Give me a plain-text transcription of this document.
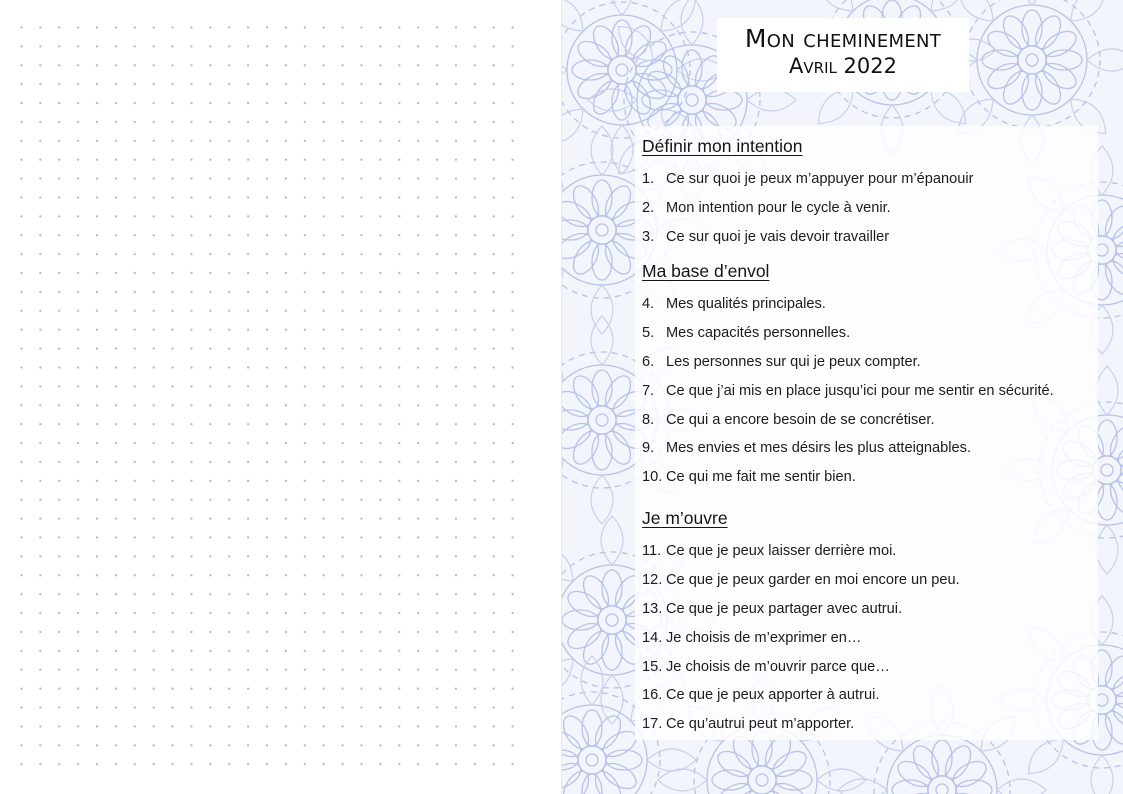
Mon cheminement
Avril 2022
Définir mon intention
1. Ce sur quoi je peux m’appuyer pour m’épanouir
2. Mon intention pour le cycle à venir.
3. Ce sur quoi je vais devoir travailler
Ma base d’envol
4. Mes qualités principales.
5. Mes capacités personnelles.
6. Les personnes sur qui je peux compter.
7. Ce que j’ai mis en place jusqu’ici pour me sentir en sécurité.
8. Ce qui a encore besoin de se concrétiser.
9. Mes envies et mes désirs les plus atteignables.
10. Ce qui me fait me sentir bien.
Je m’ouvre
11. Ce que je peux laisser derrière moi.
12. Ce que je peux garder en moi encore un peu.
13. Ce que je peux partager avec autrui.
14. Je choisis de m’exprimer en…
15. Je choisis de m’ouvrir parce que…
16. Ce que je peux apporter à autrui.
17. Ce qu’autrui peut m’apporter.
